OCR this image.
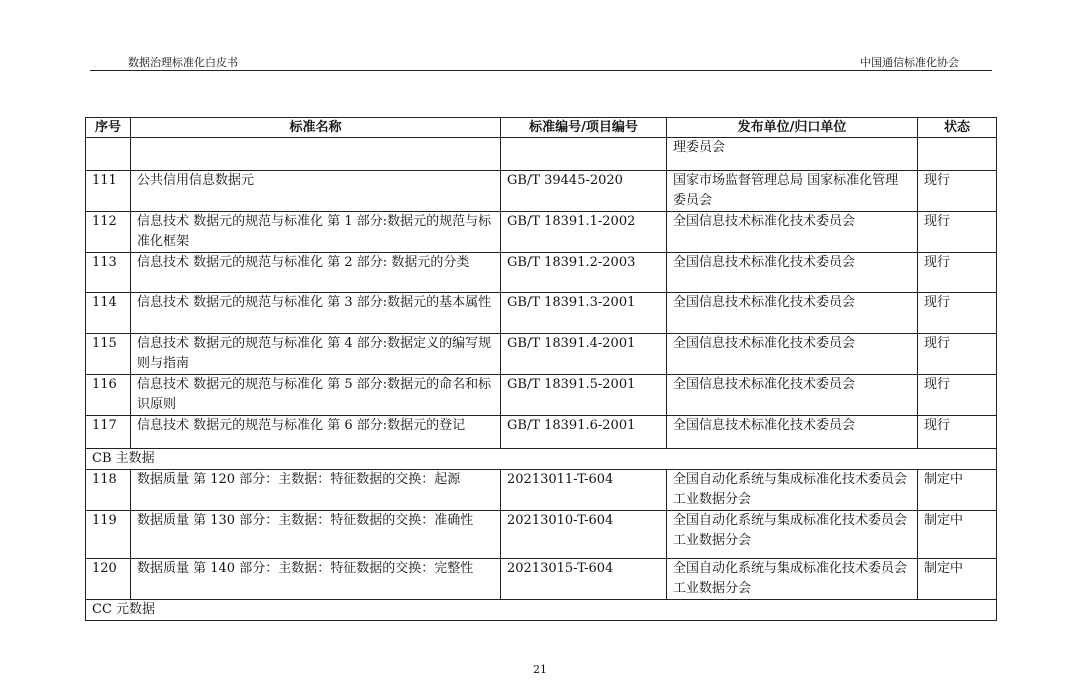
数据治理标准化白皮书	中国通信标准化协会
序号	标准名称	标准编号/项目编号	发布单位/归口单位	状态
			理委员会	
111	公共信用信息数据元	GB/T 39445-2020	国家市场监督管理总局 国家标准化管理委员会	现行
112	信息技术 数据元的规范与标准化 第 1 部分:数据元的规范与标准化框架	GB/T 18391.1-2002	全国信息技术标准化技术委员会	现行
113	信息技术 数据元的规范与标准化 第 2 部分: 数据元的分类	GB/T 18391.2-2003	全国信息技术标准化技术委员会	现行
114	信息技术 数据元的规范与标准化 第 3 部分:数据元的基本属性	GB/T 18391.3-2001	全国信息技术标准化技术委员会	现行
115	信息技术 数据元的规范与标准化 第 4 部分:数据定义的编写规则与指南	GB/T 18391.4-2001	全国信息技术标准化技术委员会	现行
116	信息技术 数据元的规范与标准化 第 5 部分:数据元的命名和标识原则	GB/T 18391.5-2001	全国信息技术标准化技术委员会	现行
117	信息技术 数据元的规范与标准化 第 6 部分:数据元的登记	GB/T 18391.6-2001	全国信息技术标准化技术委员会	现行
CB 主数据				
118	数据质量 第 120 部分：主数据：特征数据的交换：起源	20213011-T-604	全国自动化系统与集成标准化技术委员会工业数据分会	制定中
119	数据质量 第 130 部分：主数据：特征数据的交换：准确性	20213010-T-604	全国自动化系统与集成标准化技术委员会工业数据分会	制定中
120	数据质量 第 140 部分：主数据：特征数据的交换：完整性	20213015-T-604	全国自动化系统与集成标准化技术委员会工业数据分会	制定中
CC 元数据				
21
